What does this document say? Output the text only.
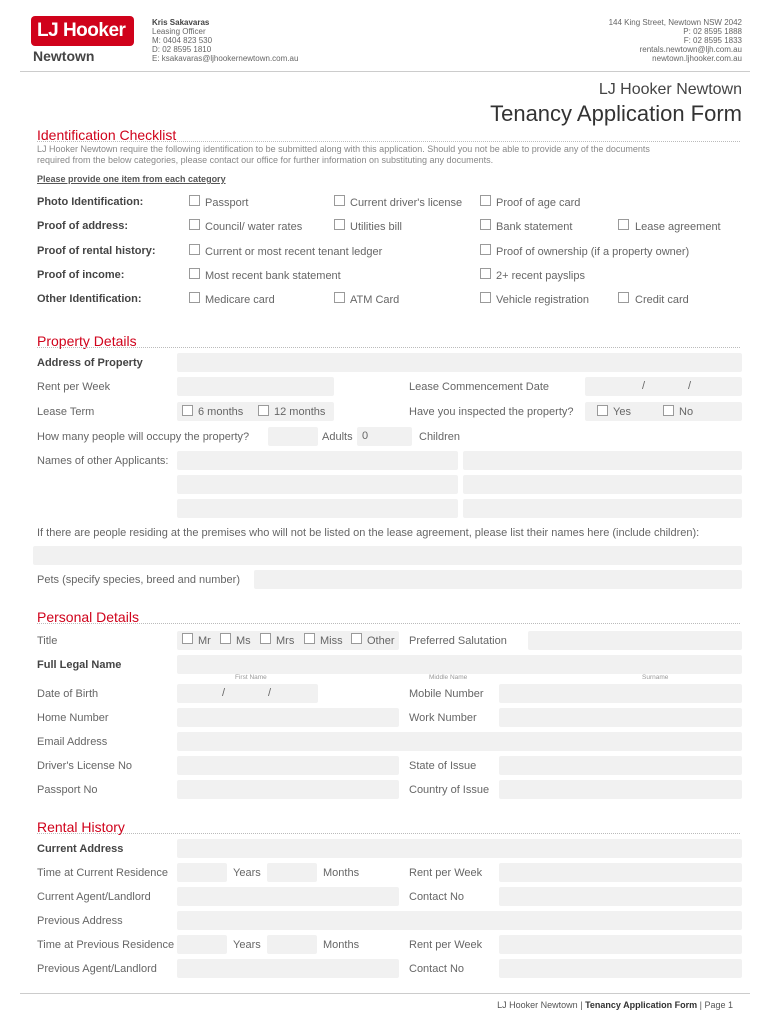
LJ Hooker
Newtown
Kris Sakavaras
Leasing Officer
M: 0404 823 530
D: 02 8595 1810
E: ksakavaras@ljhookernewtown.com.au
144 King Street, Newtown NSW 2042
P: 02 8595 1888
F: 02 8595 1833
rentals.newtown@ljh.com.au
newtown.ljhooker.com.au
LJ Hooker Newtown
Tenancy Application Form
Identification Checklist
LJ Hooker Newtown require the following identification to be submitted along with this application. Should you not be able to provide any of the documents
required from the below categories, please contact our office for further information on substituting any documents.
Please provide one item from each category
Photo Identification:	Passport	Current driver's license	Proof of age card
Proof of address:	Council/ water rates	Utilities bill	Bank statement	Lease agreement
Proof of rental history:	Current or most recent tenant ledger	Proof of ownership (if a property owner)
Proof of income:	Most recent bank statement	2+ recent payslips
Other Identification:	Medicare card	ATM Card	Vehicle registration	Credit card
Property Details
Address of Property
Rent per Week	Lease Commencement Date	/	/
Lease Term	6 months	12 months	Have you inspected the property?	Yes	No
How many people will occupy the property?	Adults 0	Children
Names of other Applicants:
If there are people residing at the premises who will not be listed on the lease agreement, please list their names here (include children):
Pets (specify species, breed and number)
Personal Details
Title	Mr Ms Mrs Miss Other Preferred Salutation
Full Legal Name
First Name	Middle Name	Surname
Date of Birth	/	/	Mobile Number
Home Number	Work Number
Email Address
Driver's License No	State of Issue
Passport No	Country of Issue
Rental History
Current Address
Time at Current Residence	Years	Months	Rent per Week
Current Agent/Landlord	Contact No
Previous Address
Time at Previous Residence	Years	Months	Rent per Week
Previous Agent/Landlord	Contact No
LJ Hooker Newtown | Tenancy Application Form | Page 1
